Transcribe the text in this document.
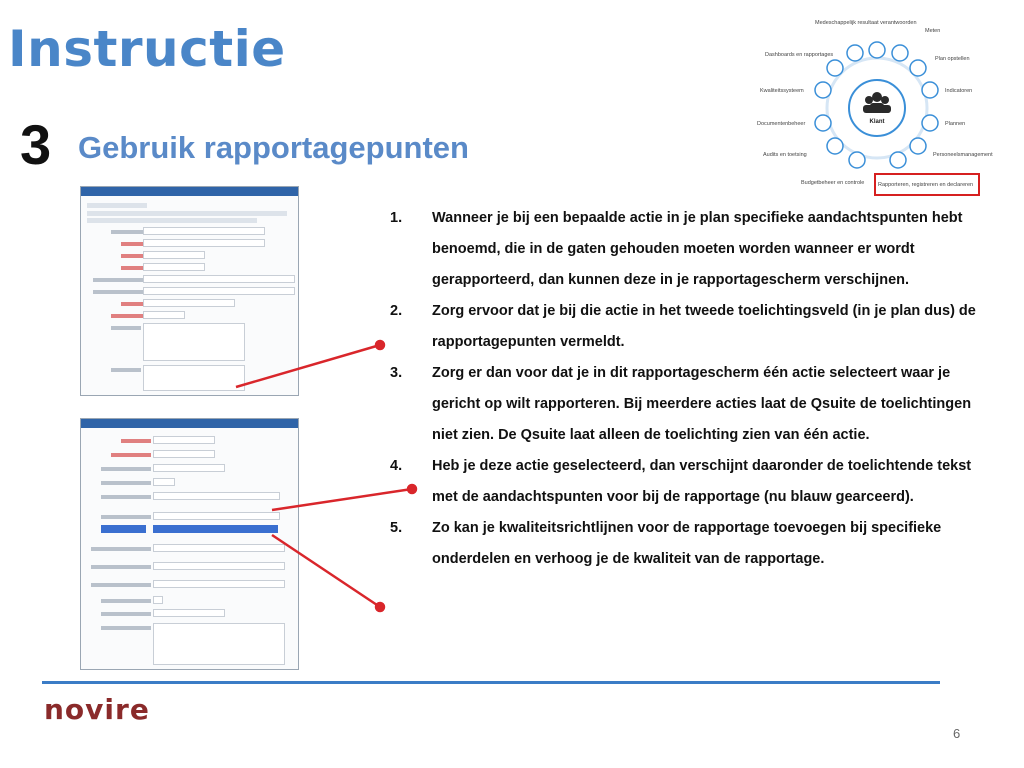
Instructie
3 Gebruik rapportagepunten
Klant
Medeschappelijk resultaat verantwoorden
Meten
Dashboards en rapportages
Plan opstellen
Kwaliteitssysteem	Indicatoren
Documentenbeheer	Plannen
Audits en toetsing	Personeelsmanagement
Budgetbeheer en controle Rapporteren, registreren en declareren
1.	Wanneer je bij een bepaalde actie in je plan specifieke aandachtspunten hebt benoemd, die in de gaten gehouden moeten worden wanneer er wordt gerapporteerd, dan kunnen deze in je rapportagescherm verschijnen.
2.	Zorg ervoor dat je bij die actie in het tweede toelichtingsveld (in je plan dus) de rapportagepunten vermeldt.
3.	Zorg er dan voor dat je in dit rapportagescherm één actie selecteert waar je gericht op wilt rapporteren. Bij meerdere acties laat de Qsuite de toelichtingen niet zien. De Qsuite laat alleen de toelichting zien van één actie.
4.	Heb je deze actie geselecteerd, dan verschijnt daaronder de toelichtende tekst met de aandachtspunten voor bij de rapportage (nu blauw gearceerd).
5.	Zo kan je kwaliteitsrichtlijnen voor de rapportage toevoegen bij specifieke onderdelen en verhoog je de kwaliteit van de rapportage.
novire
6
